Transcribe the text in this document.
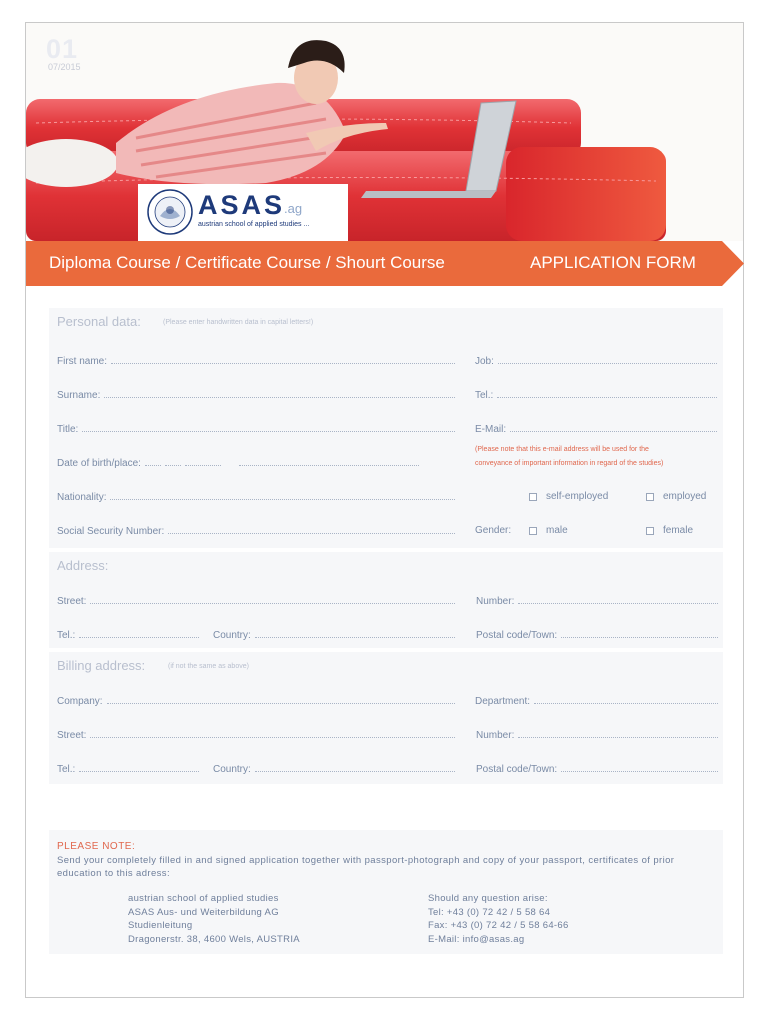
01
07/2015
ASAS
.ag
austrian school of applied studies ...
Diploma Course / Certificate Course / Shourt Course	APPLICATION FORM
Personal data:	(Please enter handwritten data in capital letters!)
First name:	Job:
Surname:	Tel.:
Title:	E-Mail:
(Please note that this e-mail address will be used for the
conveyance of important information in regard of the studies)
Date of birth/place:
Nationality:	self-employed	employed
Social Security Number:	Gender:	male	female
Address:
Street:	Number:
Tel.:	Country:	Postal code/Town:
Billing address:	(if not the same as above)
Company:	Department:
Street:	Number:
Tel.:	Country:	Postal code/Town:
PLEASE NOTE:
Send your completely filled in and signed application together with passport-photograph and copy of your passport, certificates of prior education to this adress:
austrian school of applied studies
ASAS Aus- und Weiterbildung AG
Studienleitung
Dragonerstr. 38, 4600 Wels, AUSTRIA
Should any question arise:
Tel: +43 (0) 72 42 / 5 58 64
Fax: +43 (0) 72 42 / 5 58 64-66
E-Mail: info@asas.ag
